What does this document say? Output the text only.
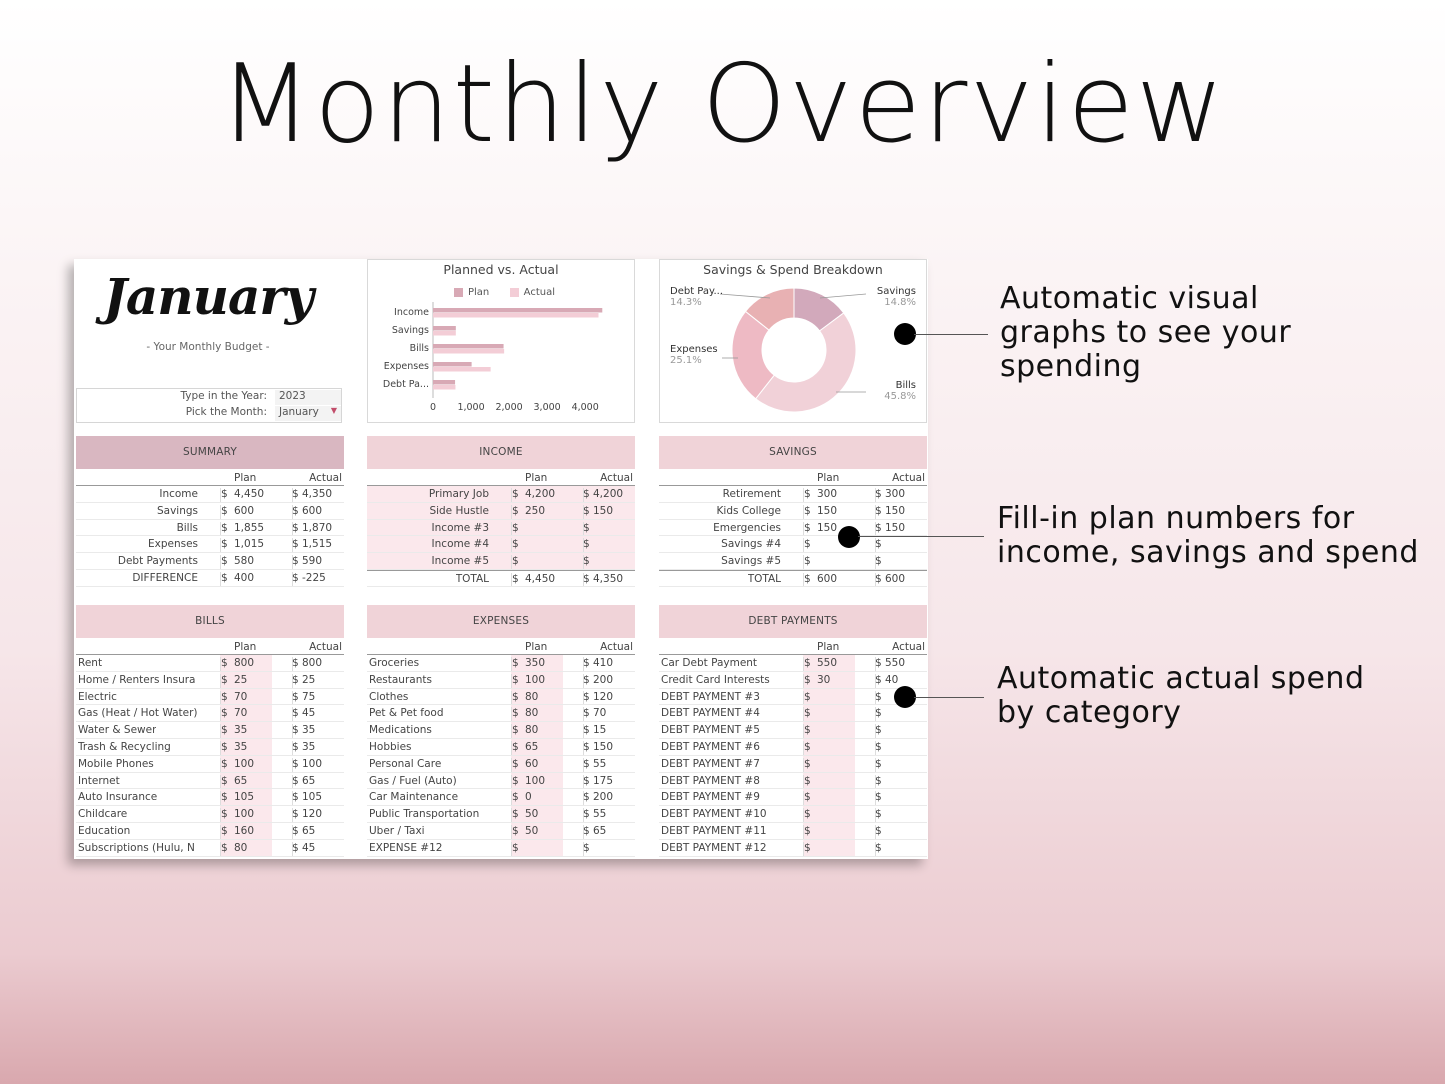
Monthly Overview
January
- Your Monthly Budget -
Type in the Year:	2023
Pick the Month:	January ▼
Planned vs. Actual
Plan	Actual
Income
Savings
Bills
Expenses
Debt Pa...
0 1,000 2,000 3,000 4,000
Savings & Spend Breakdown
Debt Pay...
14.3%
Savings
14.8%
Expenses
25.1%
Bills
45.8%
SUMMARY
Plan	Actual
Income $ 4,450	$ 4,350
Savings $ 600	$ 600
Bills $ 1,855	$ 1,870
Expenses $ 1,015	$ 1,515
Debt Payments $ 580	$ 590
DIFFERENCE $ 400	$ -225
INCOME
Plan	Actual
Primary Job $ 4,200	$ 4,200
Side Hustle $ 250	$ 150
Income #3 $	$
Income #4 $	$
Income #5 $	$
TOTAL $ 4,450	$ 4,350
SAVINGS
Plan	Actual
Retirement $ 300	$ 300
Kids College $ 150	$ 150
Emergencies $ 150	$ 150
Savings #4 $	$
Savings #5 $	$
TOTAL $ 600	$ 600
BILLS
Plan	Actual
Rent	$ 800	$ 800
Home / Renters Insura $ 25	$ 25
Electric	$ 70	$ 75
Gas (Heat / Hot Water) $ 70	$ 45
Water & Sewer	$ 35	$ 35
Trash & Recycling	$ 35	$ 35
Mobile Phones	$ 100	$ 100
Internet	$ 65	$ 65
Auto Insurance	$ 105	$ 105
Childcare	$ 100	$ 120
Education	$ 160	$ 65
Subscriptions (Hulu, N $ 80	$ 45
EXPENSES
Plan	Actual
Groceries	$ 350	$ 410
Restaurants	$ 100	$ 200
Clothes	$ 80	$ 120
Pet & Pet food	$ 80	$ 70
Medications	$ 80	$ 15
Hobbies	$ 65	$ 150
Personal Care	$ 60	$ 55
Gas / Fuel (Auto)	$ 100	$ 175
Car Maintenance	$ 0	$ 200
Public Transportation	$ 50	$ 55
Uber / Taxi	$ 50	$ 65
EXPENSE #12	$	$
DEBT PAYMENTS
Plan	Actual
Car Debt Payment	$ 550	$ 550
Credit Card Interests	$ 30	$ 40
DEBT PAYMENT #3	$	$
DEBT PAYMENT #4	$	$
DEBT PAYMENT #5	$	$
DEBT PAYMENT #6	$	$
DEBT PAYMENT #7	$	$
DEBT PAYMENT #8	$	$
DEBT PAYMENT #9	$	$
DEBT PAYMENT #10	$	$
DEBT PAYMENT #11	$	$
DEBT PAYMENT #12	$	$
Automatic visual
graphs to see your
spending
Fill-in plan numbers for
income, savings and spend
Automatic actual spend
by category
